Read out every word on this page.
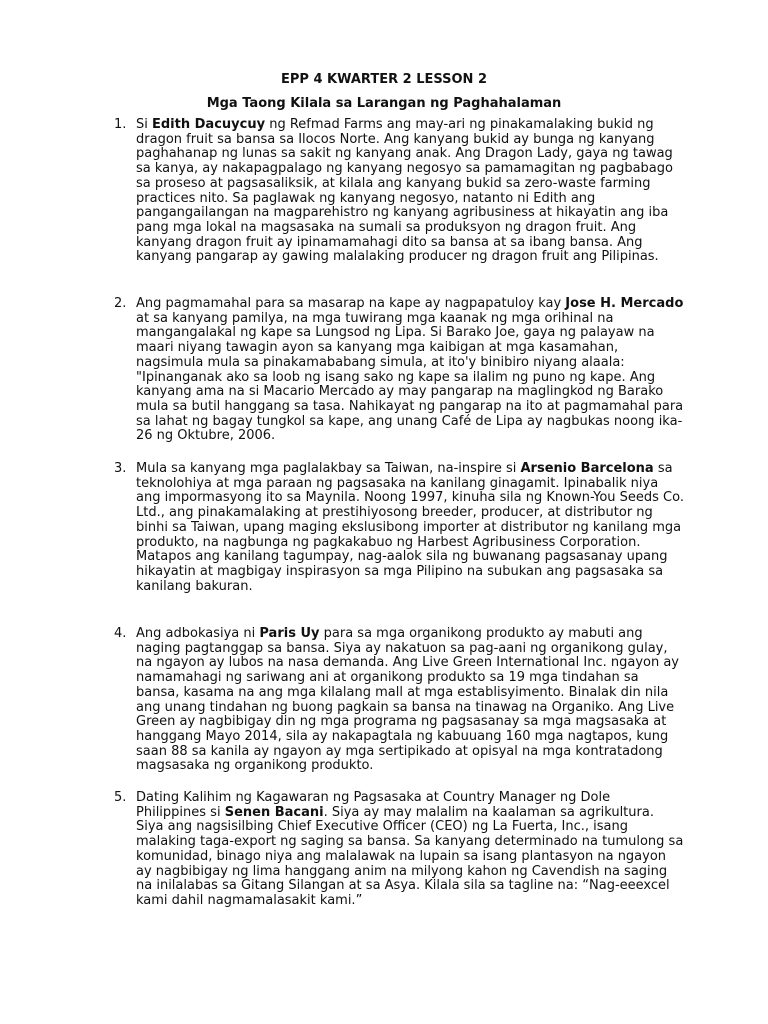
EPP 4 KWARTER 2 LESSON 2

Mga Taong Kilala sa Larangan ng Paghahalaman

1. Si Edith Dacuycuy ng Refmad Farms ang may-ari ng pinakamalaking bukid ng dragon fruit sa bansa sa Ilocos Norte. Ang kanyang bukid ay bunga ng kanyang paghahanap ng lunas sa sakit ng kanyang anak. Ang Dragon Lady, gaya ng tawag sa kanya, ay nakapagpalago ng kanyang negosyo sa pamamagitan ng pagbabago sa proseso at pagsasaliksik, at kilala ang kanyang bukid sa zero-waste farming practices nito. Sa paglawak ng kanyang negosyo, natanto ni Edith ang pangangailangan na magparehistro ng kanyang agribusiness at hikayatin ang iba pang mga lokal na magsasaka na sumali sa produksyon ng dragon fruit. Ang kanyang dragon fruit ay ipinamamahagi dito sa bansa at sa ibang bansa. Ang kanyang pangarap ay gawing malalaking producer ng dragon fruit ang Pilipinas.

2. Ang pagmamahal para sa masarap na kape ay nagpapatuloy kay Jose H. Mercado at sa kanyang pamilya, na mga tuwirang mga kaanak ng mga orihinal na mangangalakal ng kape sa Lungsod ng Lipa. Si Barako Joe, gaya ng palayaw na maari niyang tawagin ayon sa kanyang mga kaibigan at mga kasamahan, nagsimula mula sa pinakamababang simula, at ito'y binibiro niyang alaala: "Ipinanganak ako sa loob ng isang sako ng kape sa ilalim ng puno ng kape. Ang kanyang ama na si Macario Mercado ay may pangarap na maglingkod ng Barako mula sa butil hanggang sa tasa. Nahikayat ng pangarap na ito at pagmamahal para sa lahat ng bagay tungkol sa kape, ang unang Café de Lipa ay nagbukas noong ika-26 ng Oktubre, 2006.

3. Mula sa kanyang mga paglalakbay sa Taiwan, na-inspire si Arsenio Barcelona sa teknolohiya at mga paraan ng pagsasaka na kanilang ginagamit. Ipinabalik niya ang impormasyong ito sa Maynila. Noong 1997, kinuha sila ng Known-You Seeds Co. Ltd., ang pinakamalaking at prestihiyosong breeder, producer, at distributor ng binhi sa Taiwan, upang maging ekslusibong importer at distributor ng kanilang mga produkto, na nagbunga ng pagkakabuo ng Harbest Agribusiness Corporation. Matapos ang kanilang tagumpay, nag-aalok sila ng buwanang pagsasanay upang hikayatin at magbigay inspirasyon sa mga Pilipino na subukan ang pagsasaka sa kanilang bakuran.

4. Ang adbokasiya ni Paris Uy para sa mga organikong produkto ay mabuti ang naging pagtanggap sa bansa. Siya ay nakatuon sa pag-aani ng organikong gulay, na ngayon ay lubos na nasa demanda. Ang Live Green International Inc. ngayon ay namamahagi ng sariwang ani at organikong produkto sa 19 mga tindahan sa bansa, kasama na ang mga kilalang mall at mga establisyimento. Binalak din nila ang unang tindahan ng buong pagkain sa bansa na tinawag na Organiko. Ang Live Green ay nagbibigay din ng mga programa ng pagsasanay sa mga magsasaka at hanggang Mayo 2014, sila ay nakapagtala ng kabuuang 160 mga nagtapos, kung saan 88 sa kanila ay ngayon ay mga sertipikado at opisyal na mga kontratadong magsasaka ng organikong produkto.

5. Dating Kalihim ng Kagawaran ng Pagsasaka at Country Manager ng Dole Philippines si Senen Bacani. Siya ay may malalim na kaalaman sa agrikultura. Siya ang nagsisilbing Chief Executive Officer (CEO) ng La Fuerta, Inc., isang malaking taga-export ng saging sa bansa. Sa kanyang determinado na tumulong sa komunidad, binago niya ang malalawak na lupain sa isang plantasyon na ngayon ay nagbibigay ng lima hanggang anim na milyong kahon ng Cavendish na saging na inilalabas sa Gitang Silangan at sa Asya. Kilala sila sa tagline na: “Nag-eeexcel kami dahil nagmamalasakit kami.”
